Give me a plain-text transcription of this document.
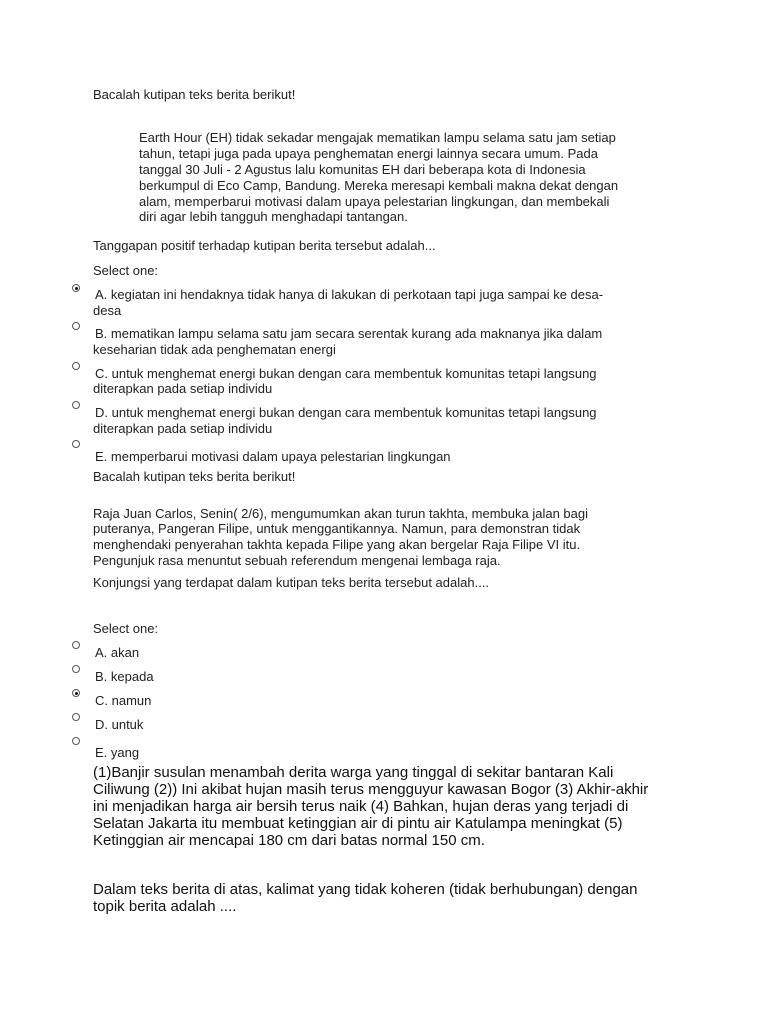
Bacalah kutipan teks berita berikut!
Earth Hour (EH) tidak sekadar mengajak mematikan lampu selama satu jam setiap
tahun, tetapi juga pada upaya penghematan energi lainnya secara umum. Pada
tanggal 30 Juli - 2 Agustus lalu komunitas EH dari beberapa kota di Indonesia
berkumpul di Eco Camp, Bandung. Mereka meresapi kembali makna dekat dengan
alam, memperbarui motivasi dalam upaya pelestarian lingkungan, dan membekali
diri agar lebih tangguh menghadapi tantangan.
Tanggapan positif terhadap kutipan berita tersebut adalah...
Select one:
A. kegiatan ini hendaknya tidak hanya di lakukan di perkotaan tapi juga sampai ke desa-
desa
B. mematikan lampu selama satu jam secara serentak kurang ada maknanya jika dalam
keseharian tidak ada penghematan energi
C. untuk menghemat energi bukan dengan cara membentuk komunitas tetapi langsung
diterapkan pada setiap individu
D. untuk menghemat energi bukan dengan cara membentuk komunitas tetapi langsung
diterapkan pada setiap individu
E. memperbarui motivasi dalam upaya pelestarian lingkungan
Bacalah kutipan teks berita berikut!
Raja Juan Carlos, Senin( 2/6), mengumumkan akan turun takhta, membuka jalan bagi
puteranya, Pangeran Filipe, untuk menggantikannya. Namun, para demonstran tidak
menghendaki penyerahan takhta kepada Filipe yang akan bergelar Raja Filipe VI itu.
Pengunjuk rasa menuntut sebuah referendum mengenai lembaga raja.
Konjungsi yang terdapat dalam kutipan teks berita tersebut adalah....
Select one:
A. akan
B. kepada
C. namun
D. untuk
E. yang
(1)Banjir susulan menambah derita warga yang tinggal di sekitar bantaran Kali
Ciliwung (2)) Ini akibat hujan masih terus mengguyur kawasan Bogor (3) Akhir-akhir
ini menjadikan harga air bersih terus naik (4) Bahkan, hujan deras yang terjadi di
Selatan Jakarta itu membuat ketinggian air di pintu air Katulampa meningkat (5)
Ketinggian air mencapai 180 cm dari batas normal 150 cm.
Dalam teks berita di atas, kalimat yang tidak koheren (tidak berhubungan) dengan
topik berita adalah ....
